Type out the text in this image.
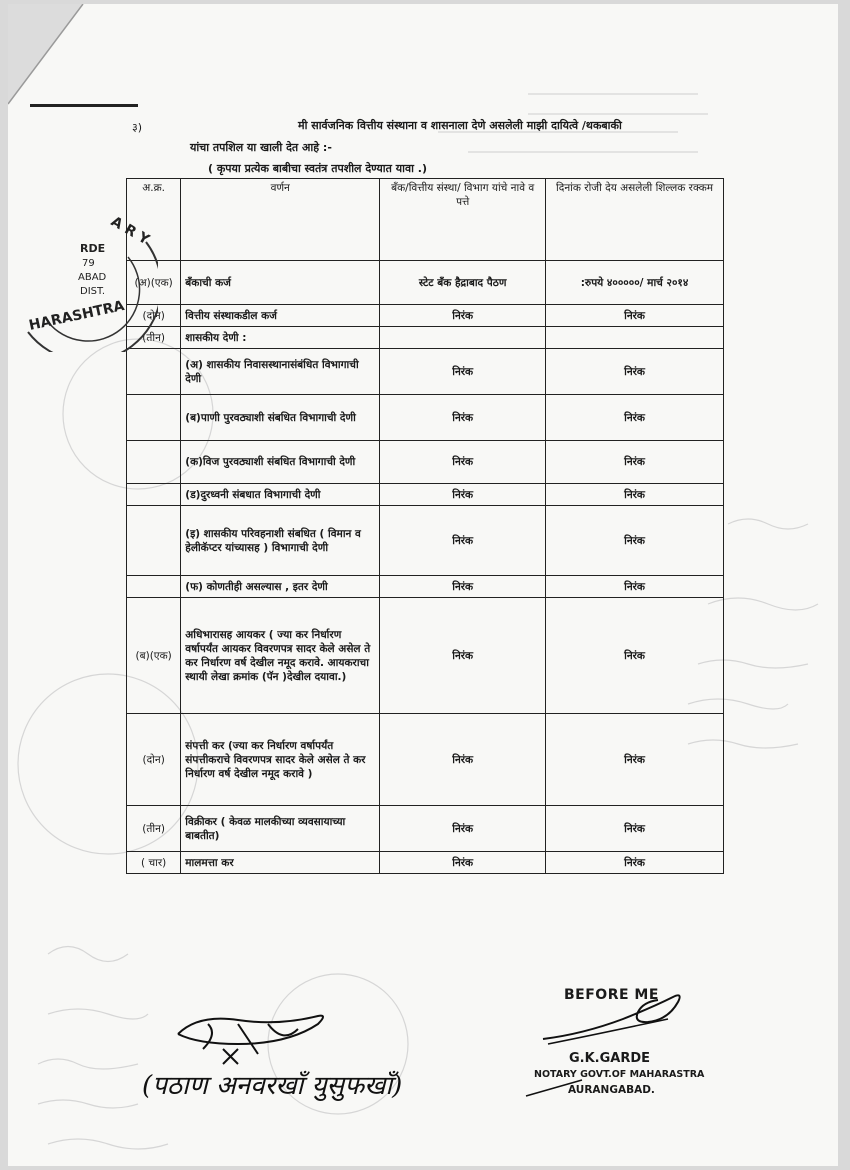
३)	मी सार्वजनिक वित्तीय संस्थाना व शासनाला देणे असलेली माझी दायित्वे /थकबाकी
यांचा तपशिल या खाली देत आहे :-
( कृपया प्रत्येक बाबीचा स्वतंत्र तपशील देण्यात यावा .)
अ.क्र.	वर्णन	बँक/वित्तीय संस्था/ विभाग यांचे नावे व पत्ते	दिनांक रोजी देय असलेली शिल्लक रक्कम
(अ)(एक)	बँकाची कर्ज	स्टेट बँक हैद्राबाद पैठण	:रुपये ४०००००/ मार्च २०१४
(दोन)	वित्तीय संस्थाकडील कर्ज	निरंक	निरंक
(तीन)	शासकीय देणी :		
	(अ) शासकीय निवासस्थानासंबंधित विभागाची देणी	निरंक	निरंक
	(ब)पाणी पुरवठ्याशी संबधित विभागाची देणी	निरंक	निरंक
	(क)विज पुरवठ्याशी संबधित विभागाची देणी	निरंक	निरंक
	(ड)दुरध्वनी संबधात विभागाची देणी	निरंक	निरंक
	(इ) शासकीय परिवहनाशी संबधित ( विमान व हेलीकॅप्टर यांच्यासह ) विभागाची देणी	निरंक	निरंक
	(फ) कोणतीही असल्यास , इतर देणी	निरंक	निरंक
(ब)(एक)	अधिभारासह आयकर ( ज्या कर निर्धारण वर्षापर्यंत आयकर विवरणपत्र सादर केले असेल ते कर निर्धारण वर्ष देखील नमूद करावे. आयकराचा स्थायी लेखा क्रमांक (पॅन )देखील दयावा.)	निरंक	निरंक
(दोन)	संपत्ती कर (ज्या कर निर्धारण वर्षापर्यंत संपत्तीकराचे विवरणपत्र सादर केले असेल ते कर निर्धारण वर्ष देखील नमूद करावे )	निरंक	निरंक
(तीन)	विक्रीकर ( केवळ मालकीच्या व्यवसायाच्या बाबतीत)	निरंक	निरंक
( चार)	मालमत्ता कर	निरंक	निरंक
A R Y
RDE
79
ABAD
DIST.
HARASHTRA
(पठाण अनवरखाँ युसुफखाँ)
BEFORE ME
G.K.GARDE
NOTARY GOVT.OF MAHARASTRA
AURANGABAD.
